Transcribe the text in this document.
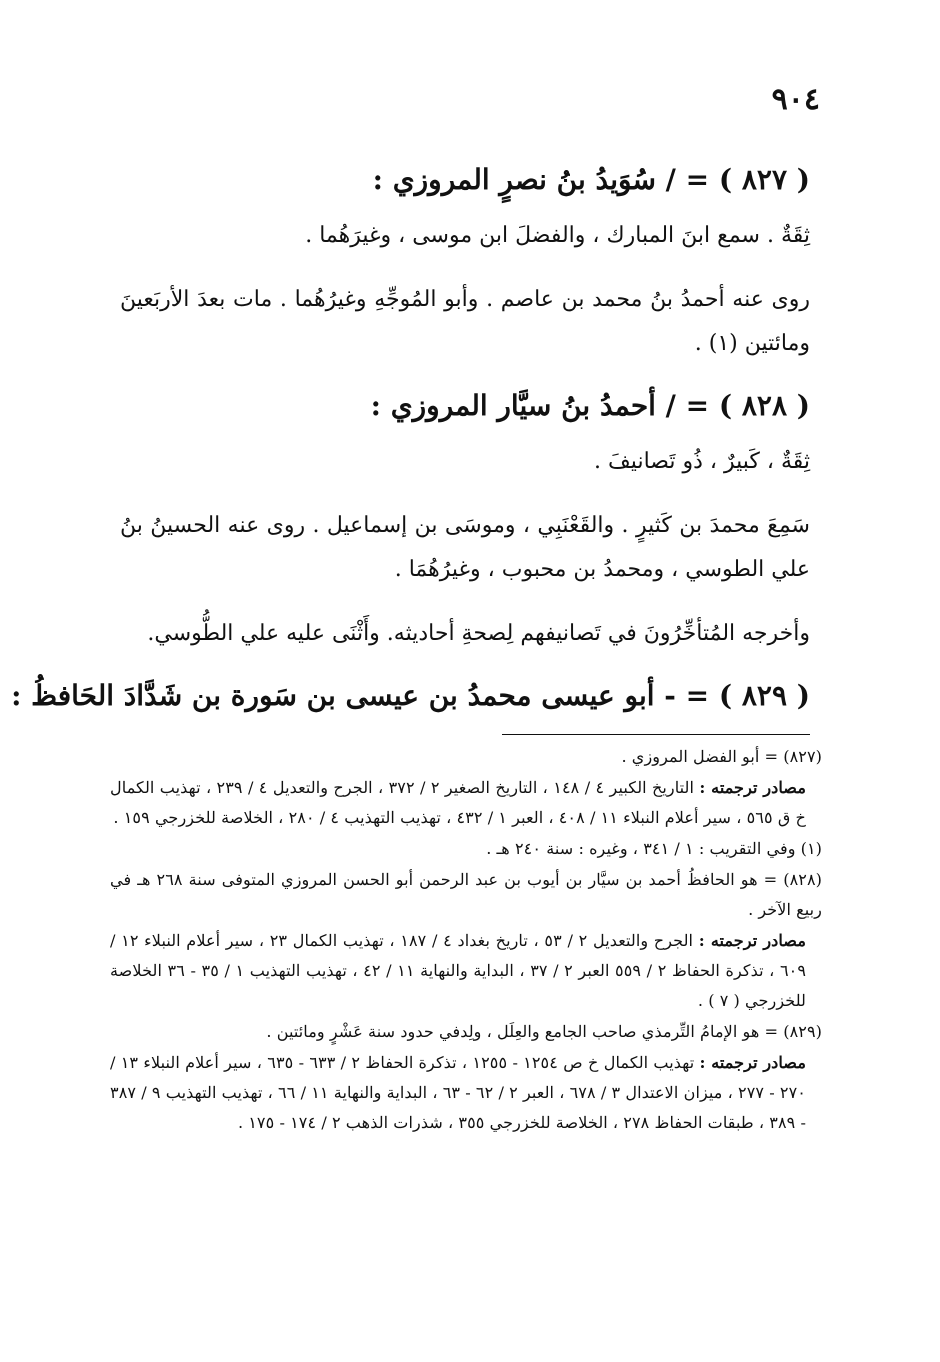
٩٠٤
( ٨٢٧ ) = / سُوَيدُ بنُ نصرٍ المروزي :

ثِقَةٌ . سمع ابنَ المبارك ، والفضلَ ابن موسى ، وغيرَهُما .

روى عنه أحمدُ بنُ محمد بن عاصم . وأبو المُوجِّهِ وغيرُهُما . مات بعدَ الأربَعينَ ومائتين (١) .

( ٨٢٨ ) = / أحمدُ بنُ سيَّار المروزي :

ثِقَةٌ ، كَبيرٌ ، ذُو تَصانيفَ .

سَمِعَ محمدَ بن كَثيرٍ . والقَعْنَبِي ، وموسَى بن إسماعيل . روى عنه الحسينُ بنُ علي الطوسي ، ومحمدُ بن محبوب ، وغيرُهُمَا .

وأخرجه المُتأخِّرُونَ في تَصانيفهم لِصحةِ أحاديثه. وأَثْنَى عليه علي الطُّوسي.

( ٨٢٩ ) = - أبو عيسى محمدُ بن عيسى بن سَورة بن شَدَّادَ الحَافظُ :

(٨٢٧) = أبو الفضل المروزي .

مصادر ترجمته : التاريخ الكبير ٤ / ١٤٨ ، التاريخ الصغير ٢ / ٣٧٢ ، الجرح والتعديل ٤ / ٢٣٩ ، تهذيب الكمال خ ق ٥٦٥ ، سير أعلام النبلاء ١١ / ٤٠٨ ، العبر ١ / ٤٣٢ ، تهذيب التهذيب ٤ / ٢٨٠ ، الخلاصة للخزرجي ١٥٩ .

(١) وفي التقريب : ١ / ٣٤١ ، وغيره : سنة ٢٤٠ هـ .

(٨٢٨) = هو الحافظُ أحمد بن سيَّار بن أيوب بن عبد الرحمن أبو الحسن المروزي المتوفى سنة ٢٦٨ هـ في ربيع الآخر .

مصادر ترجمته : الجرح والتعديل ٢ / ٥٣ ، تاريخ بغداد ٤ / ١٨٧ ، تهذيب الكمال ٢٣ ، سير أعلام النبلاء ١٢ / ٦٠٩ ، تذكرة الحفاظ ٢ / ٥٥٩ العبر ٢ / ٣٧ ، البداية والنهاية ١١ / ٤٢ ، تهذيب التهذيب ١ / ٣٥ - ٣٦ الخلاصة للخزرجي ( ٧ ) .

(٨٢٩) = هو الإمامُ التِّرمذي صاحب الجامع والعِلَل ، ولِدفي حدود سنة عَشْرٍ ومائتين .

مصادر ترجمته : تهذيب الكمال خ ص ١٢٥٤ - ١٢٥٥ ، تذكرة الحفاظ ٢ / ٦٣٣ - ٦٣٥ ، سير أعلام النبلاء ١٣ / ٢٧٠ - ٢٧٧ ، ميزان الاعتدال ٣ / ٦٧٨ ، العبر ٢ / ٦٢ - ٦٣ ، البداية والنهاية ١١ / ٦٦ ، تهذيب التهذيب ٩ / ٣٨٧ - ٣٨٩ ، طبقات الحفاظ ٢٧٨ ، الخلاصة للخزرجي ٣٥٥ ، شذرات الذهب ٢ / ١٧٤ - ١٧٥ .
